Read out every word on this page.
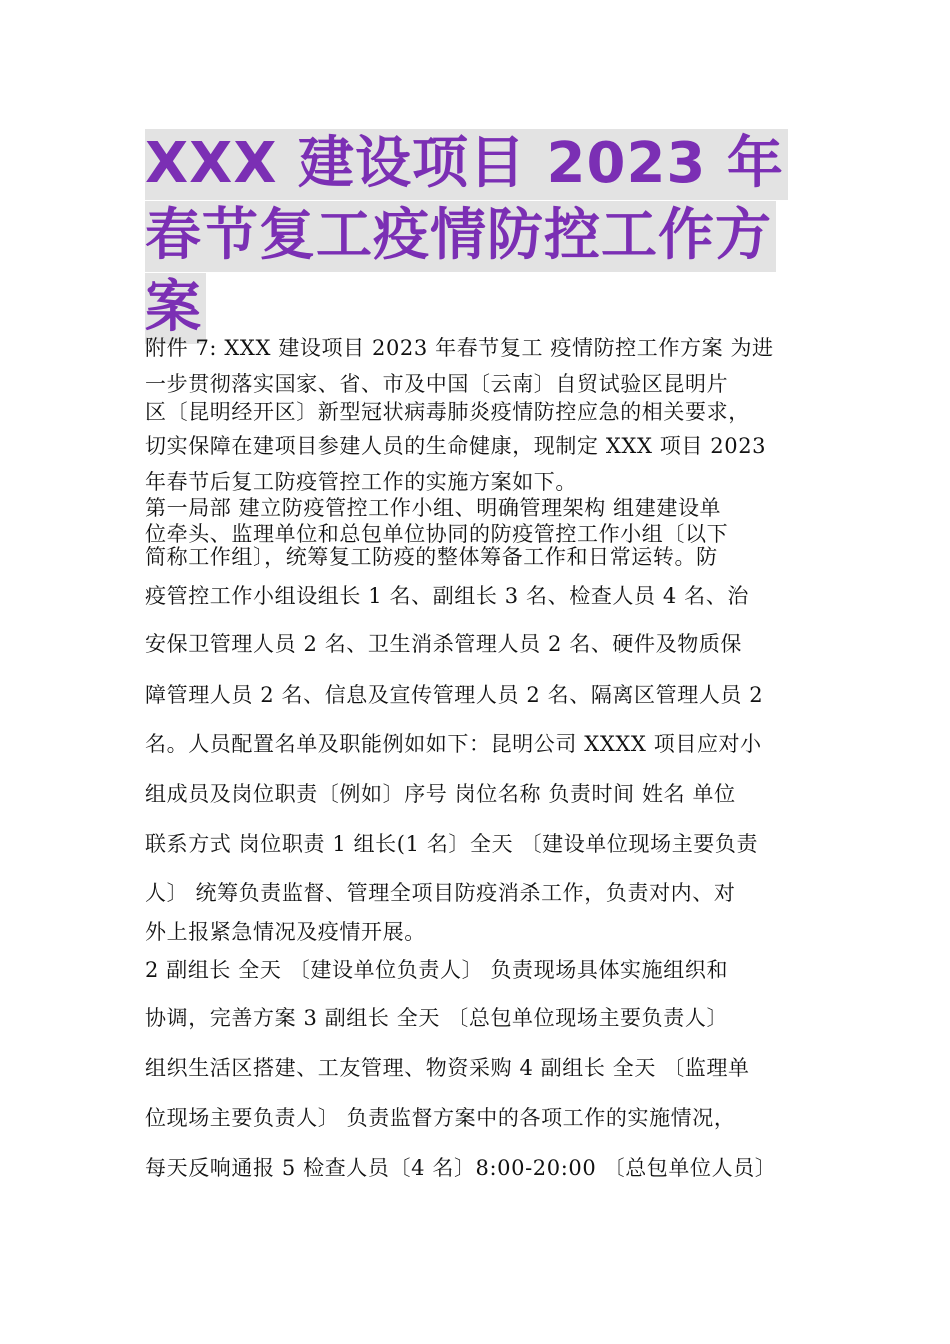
XXX 建设项目 2023 年春节复工疫情防控工作方案
附件 7: XXX 建设项目 2023 年春节复工 疫情防控工作方案 为进
一步贯彻落实国家、省、市及中国〔云南〕自贸试验区昆明片
区〔昆明经开区〕新型冠状病毒肺炎疫情防控应急的相关要求，
切实保障在建项目参建人员的生命健康，现制定 XXX 项目 2023
年春节后复工防疫管控工作的实施方案如下。
第一局部 建立防疫管控工作小组、明确管理架构 组建建设单
位牵头、监理单位和总包单位协同的防疫管控工作小组〔以下
简称工作组〕，统筹复工防疫的整体筹备工作和日常运转。防
疫管控工作小组设组长 1 名、副组长 3 名、检查人员 4 名、治
安保卫管理人员 2 名、卫生消杀管理人员 2 名、硬件及物质保
障管理人员 2 名、信息及宣传管理人员 2 名、隔离区管理人员 2
名。人员配置名单及职能例如如下：昆明公司 XXXX 项目应对小
组成员及岗位职责〔例如〕序号 岗位名称 负责时间 姓名 单位
联系方式 岗位职责 1 组长(1 名〕全天 〔建设单位现场主要负责
人〕 统筹负责监督、管理全项目防疫消杀工作，负责对内、对
外上报紧急情况及疫情开展。
2 副组长 全天 〔建设单位负责人〕 负责现场具体实施组织和
协调，完善方案 3 副组长 全天 〔总包单位现场主要负责人〕
组织生活区搭建、工友管理、物资采购 4 副组长 全天 〔监理单
位现场主要负责人〕 负责监督方案中的各项工作的实施情况，
每天反响通报 5 检查人员〔4 名〕8:00-20:00 〔总包单位人员〕
